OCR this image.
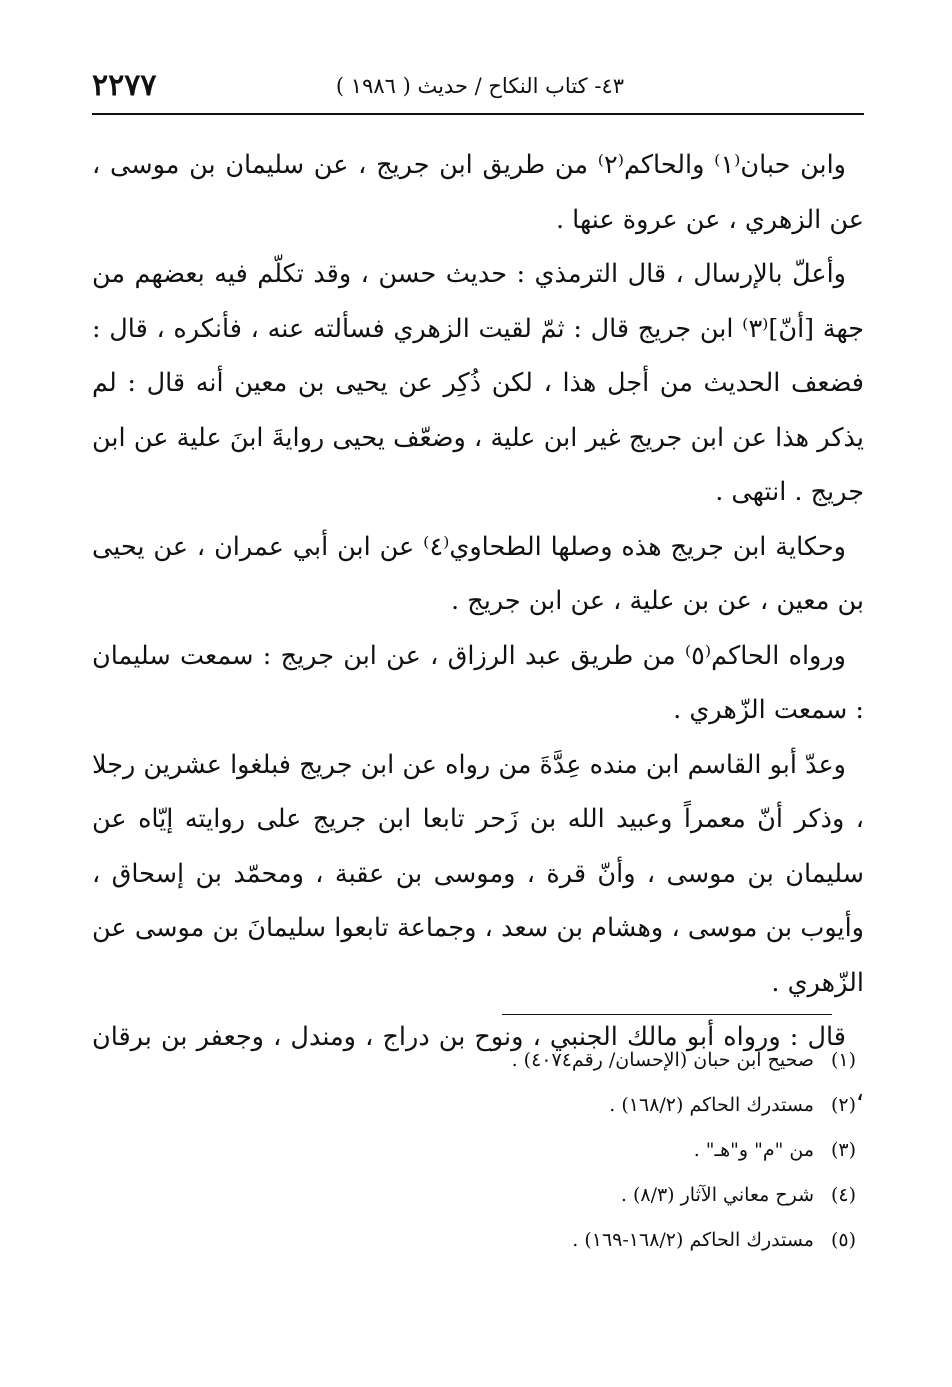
٢٢٧٧	٤٣- كتاب النكاح / حديث ( ١٩٨٦ )

وابن حبان⁽١⁾ والحاكم⁽٢⁾ من طريق ابن جريج ، عن سليمان بن موسى ، عن الزهري ، عن عروة عنها .

وأعلّ بالإرسال ، قال الترمذي : حديث حسن ، وقد تكلّم فيه بعضهم من جهة [أنّ]⁽٣⁾ ابن جريج قال : ثمّ لقيت الزهري فسألته عنه ، فأنكره ، قال : فضعف الحديث من أجل هذا ، لكن ذُكِر عن يحيى بن معين أنه قال : لم يذكر هذا عن ابن جريج غير ابن علية ، وضعّف يحيى روايةَ ابنَ علية عن ابن جريج . انتهى .

وحكاية ابن جريج هذه وصلها الطحاوي⁽٤⁾ عن ابن أبي عمران ، عن يحيى بن معين ، عن بن علية ، عن ابن جريج .

ورواه الحاكم⁽٥⁾ من طريق عبد الرزاق ، عن ابن جريج : سمعت سليمان : سمعت الزّهري .

وعدّ أبو القاسم ابن منده عِدَّةَ من رواه عن ابن جريج فبلغوا عشرين رجلا ، وذكر أنّ معمراً وعبيد الله بن زَحر تابعا ابن جريج على روايته إيّاه عن سليمان بن موسى ، وأنّ قرة ، وموسى بن عقبة ، ومحمّد بن إسحاق ، وأيوب بن موسى ، وهشام بن سعد ، وجماعة تابعوا سليمانَ بن موسى عن الزّهري .

قال : ورواه أبو مالك الجنبي ، ونوح بن دراج ، ومندل ، وجعفر بن برقان ،

(١)صحيح ابن حبان (الإحسان/ رقم٤٠٧٤) .
(٢)مستدرك الحاكم (١٦٨/٢) .
(٣)من "م" و"هـ" .
(٤)شرح معاني الآثار (٨/٣) .
(٥)مستدرك الحاكم (١٦٨/٢-١٦٩) .
